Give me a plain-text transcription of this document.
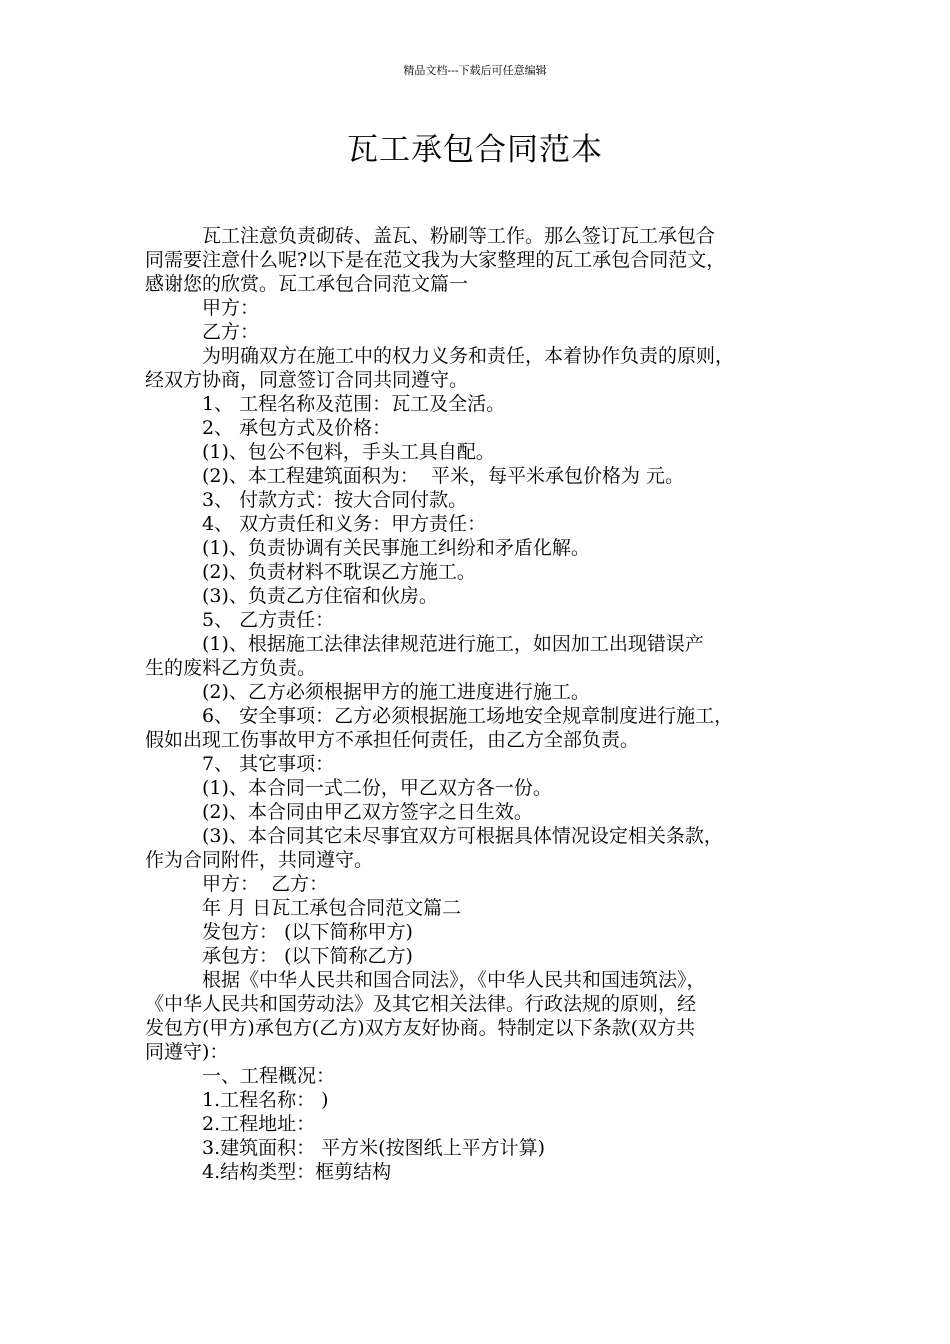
精品文档---下载后可任意编辑
瓦工承包合同范本

瓦工注意负责砌砖、盖瓦、粉刷等工作。那么签订瓦工承包合

同需要注意什么呢?以下是在范文我为大家整理的瓦工承包合同范文，

感谢您的欣赏。瓦工承包合同范文篇一

甲方：

乙方：

为明确双方在施工中的权力义务和责任，本着协作负责的原则，

经双方协商，同意签订合同共同遵守。

1、 工程名称及范围：瓦工及全活。

2、 承包方式及价格：

(1)、包公不包料，手头工具自配。

(2)、本工程建筑面积为：  平米，每平米承包价格为 元。

3、 付款方式：按大合同付款。

4、 双方责任和义务：甲方责任：

(1)、负责协调有关民事施工纠纷和矛盾化解。

(2)、负责材料不耽误乙方施工。

(3)、负责乙方住宿和伙房。

5、 乙方责任：

(1)、根据施工法律法律规范进行施工，如因加工出现错误产

生的废料乙方负责。

(2)、乙方必须根据甲方的施工进度进行施工。

6、 安全事项：乙方必须根据施工场地安全规章制度进行施工，

假如出现工伤事故甲方不承担任何责任，由乙方全部负责。

7、 其它事项：

(1)、本合同一式二份，甲乙双方各一份。

(2)、本合同由甲乙双方签字之日生效。

(3)、本合同其它未尽事宜双方可根据具体情况设定相关条款，

作为合同附件，共同遵守。

甲方：  乙方：

年 月 日瓦工承包合同范文篇二

发包方： (以下简称甲方)

承包方： (以下简称乙方)

根据《中华人民共和国合同法》，《中华人民共和国违筑法》，

《中华人民共和国劳动法》及其它相关法律。行政法规的原则，经

发包方(甲方)承包方(乙方)双方友好协商。特制定以下条款(双方共

同遵守)：

一、工程概况：

1.工程名称： )

2.工程地址：

3.建筑面积： 平方米(按图纸上平方计算)

4.结构类型：框剪结构
